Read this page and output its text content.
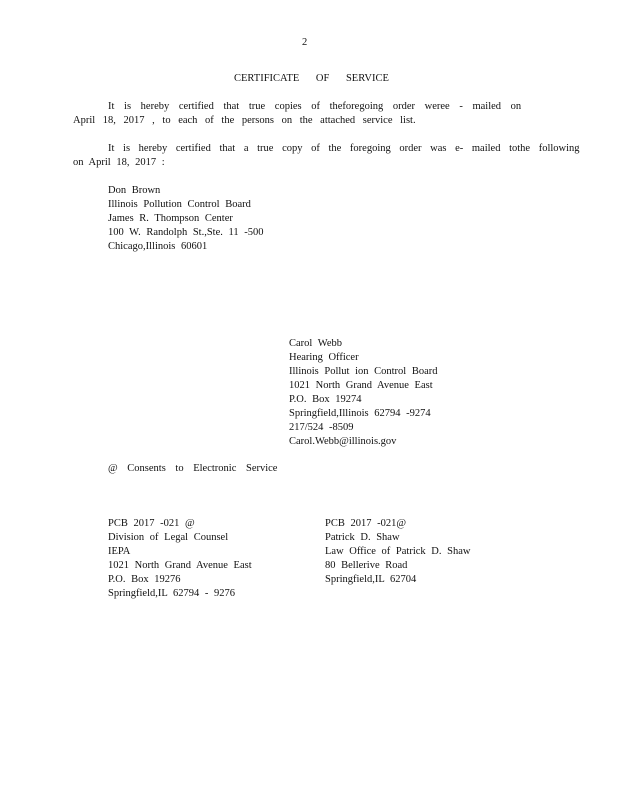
2
CERTIFICATE OF SERVICE
It is hereby certified that true copies of theforegoing order weree - mailed on
April 18, 2017 , to each of the persons on the attached service list.
It is hereby certified that a true copy of the foregoing order was e- mailed tothe following
on April 18, 2017 :
Don Brown
Illinois Pollution Control Board
James R. Thompson Center
100 W. Randolph St.,Ste. 11 -500
Chicago,Illinois 60601
Carol Webb
Hearing Officer
Illinois Pollut ion Control Board
1021 North Grand Avenue East
P.O. Box 19274
Springfield,Illinois 62794 -9274
217/524 -8509
Carol.Webb@illinois.gov
@ Consents to Electronic Service
PCB 2017 -021 @
Division of Legal Counsel
IEPA
1021 North Grand Avenue East
P.O. Box 19276
Springfield,IL 62794 - 9276
PCB 2017 -021@
Patrick D. Shaw
Law Office of Patrick D. Shaw
80 Bellerive Road
Springfield,IL 62704
